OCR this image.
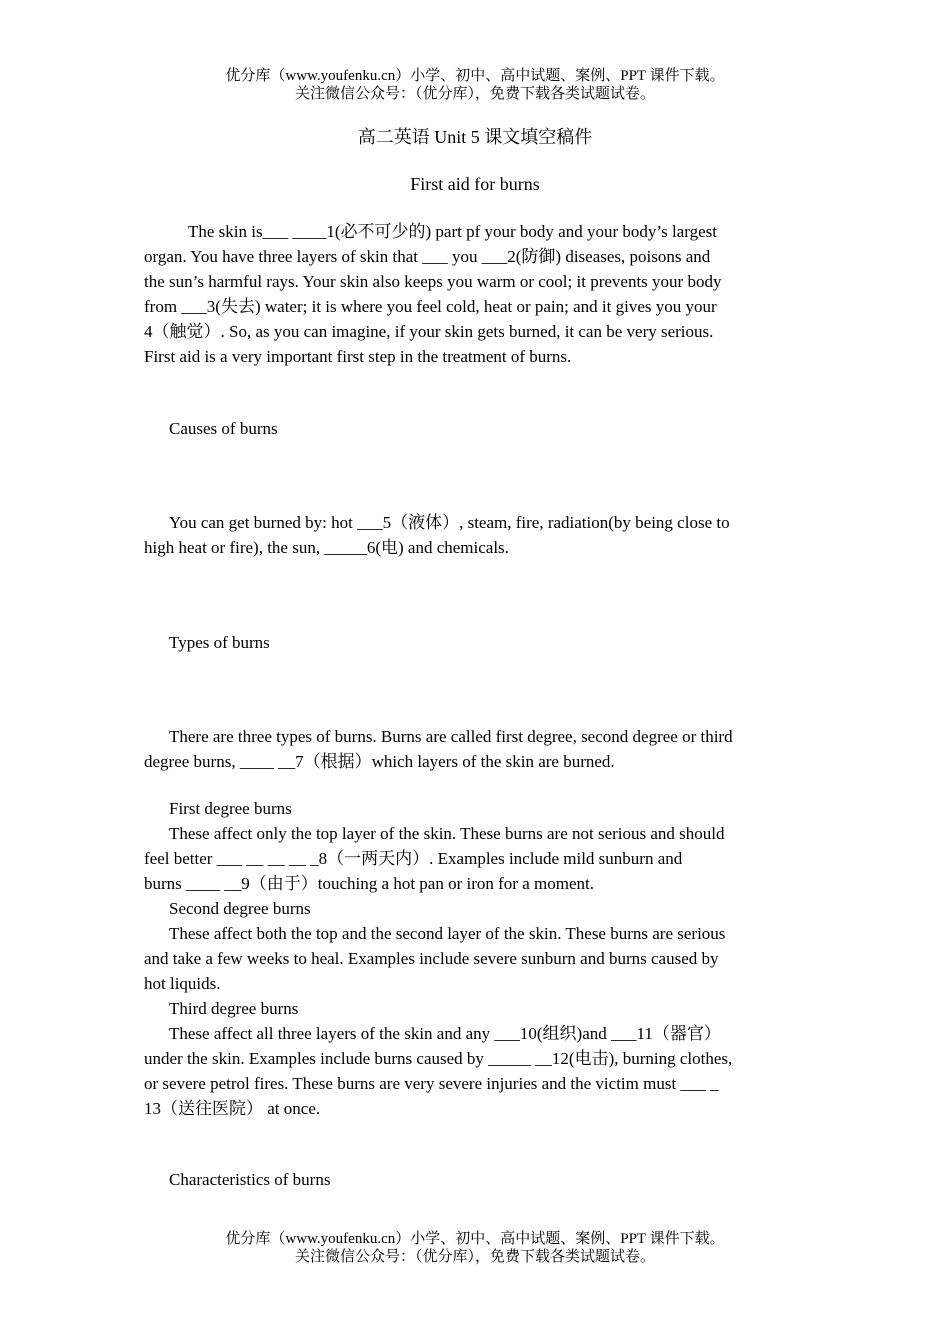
优分库（www.youfenku.cn）小学、初中、高中试题、案例、PPT 课件下载。
关注微信公众号：（优分库），免费下载各类试题试卷。
高二英语 Unit 5 课文填空稿件
First aid for burns
The skin is___ ____1(必不可少的) part pf your body and your body’s largest
organ. You have three layers of skin that ___ you ___2(防御) diseases, poisons and
the sun’s harmful rays. Your skin also keeps you warm or cool; it prevents your body
from ___3(失去) water; it is where you feel cold, heat or pain; and it gives you your
4（触觉）. So, as you can imagine, if your skin gets burned, it can be very serious.
First aid is a very important first step in the treatment of burns.
Causes of burns
You can get burned by: hot ___5（液体）, steam, fire, radiation(by being close to
high heat or fire), the sun, _____6(电) and chemicals.
Types of burns
There are three types of burns. Burns are called first degree, second degree or third
degree burns, ____ __7（根据）which layers of the skin are burned.
First degree burns
These affect only the top layer of the skin. These burns are not serious and should
feel better ___ __ __ __ _8（一两天内）. Examples include mild sunburn and
burns ____ __9（由于）touching a hot pan or iron for a moment.
Second degree burns
These affect both the top and the second layer of the skin. These burns are serious
and take a few weeks to heal. Examples include severe sunburn and burns caused by
hot liquids.
Third degree burns
These affect all three layers of the skin and any ___10(组织)and ___11（器官）
under the skin. Examples include burns caused by _____ __12(电击), burning clothes,
or severe petrol fires. These burns are very severe injuries and the victim must ___ _
13（送往医院） at once.
Characteristics of burns
优分库（www.youfenku.cn）小学、初中、高中试题、案例、PPT 课件下载。
关注微信公众号：（优分库），免费下载各类试题试卷。
